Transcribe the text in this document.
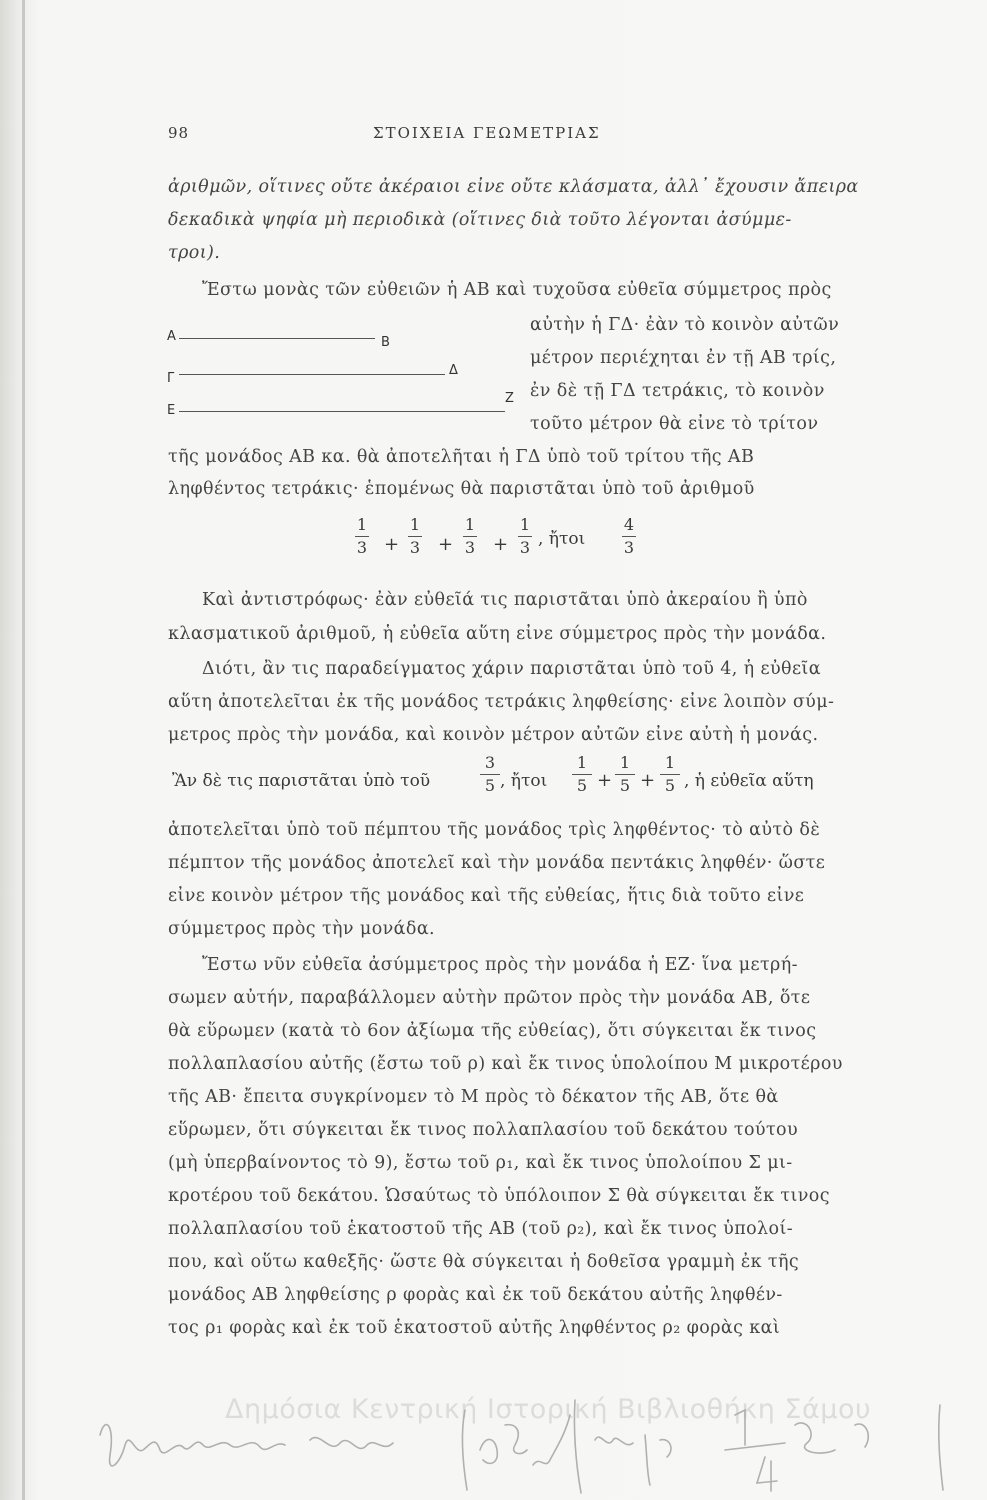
98	ΣΤΟΙΧΕΙΑ ΓΕΩΜΕΤΡΙΑΣ
ἀριθμῶν, οἵτινες οὔτε ἀκέραιοι εἶνε οὔτε κλάσματα, ἀλλ᾽ ἔχουσιν ἄπειρα
δεκαδικὰ ψηφία μὴ περιοδικὰ (οἵτινες διὰ τοῦτο λέγονται ἀσύμμε-
τροι).
Ἔστω μονὰς τῶν εὐθειῶν ἡ ΑΒ καὶ τυχοῦσα εὐθεῖα σύμμετρος πρὸς
Α	Β
Γ
Δ
Ε
Ζ
αὐτὴν ἡ ΓΔ· ἐὰν τὸ κοινὸν αὐτῶν
μέτρον περιέχηται ἐν τῇ ΑΒ τρίς,
ἐν δὲ τῇ ΓΔ τετράκις, τὸ κοινὸν
τοῦτο μέτρον θὰ εἶνε τὸ τρίτον
τῆς μονάδος ΑΒ κα. θὰ ἀποτελῆται ἡ ΓΔ ὑπὸ τοῦ τρίτου τῆς ΑΒ
ληφθέντος τετράκις· ἑπομένως θὰ παριστᾶται ὑπὸ τοῦ ἀριθμοῦ
1
3 +
1
3 +
1
3 +
1
3 , ἤτοι
4
3
Καὶ ἀντιστρόφως· ἐὰν εὐθεῖά τις παριστᾶται ὑπὸ ἀκεραίου ἢ ὑπὸ
κλασματικοῦ ἀριθμοῦ, ἡ εὐθεῖα αὕτη εἶνε σύμμετρος πρὸς τὴν μονάδα.
Διότι, ἂν τις παραδείγματος χάριν παριστᾶται ὑπὸ τοῦ 4, ἡ εὐθεῖα
αὕτη ἀποτελεῖται ἐκ τῆς μονάδος τετράκις ληφθείσης· εἶνε λοιπὸν σύμ-
μετρος πρὸς τὴν μονάδα, καὶ κοινὸν μέτρον αὐτῶν εἶνε αὐτὴ ἡ μονάς.
Ἂν δὲ τις παριστᾶται ὑπὸ τοῦ
3
5 , ἤτοι
1
5 +
1
5 +
1
5 , ἡ εὐθεῖα αὕτη
ἀποτελεῖται ὑπὸ τοῦ πέμπτου τῆς μονάδος τρὶς ληφθέντος· τὸ αὐτὸ δὲ
πέμπτον τῆς μονάδος ἀποτελεῖ καὶ τὴν μονάδα πεντάκις ληφθέν· ὥστε
εἶνε κοινὸν μέτρον τῆς μονάδος καὶ τῆς εὐθείας, ἥτις διὰ τοῦτο εἶνε
σύμμετρος πρὸς τὴν μονάδα.
Ἔστω νῦν εὐθεῖα ἀσύμμετρος πρὸς τὴν μονάδα ἡ ΕΖ· ἵνα μετρή-
σωμεν αὐτήν, παραβάλλομεν αὐτὴν πρῶτον πρὸς τὴν μονάδα ΑΒ, ὅτε
θὰ εὕρωμεν (κατὰ τὸ 6ον ἀξίωμα τῆς εὐθείας), ὅτι σύγκειται ἔκ τινος
πολλαπλασίου αὐτῆς (ἔστω τοῦ ρ) καὶ ἔκ τινος ὑπολοίπου Μ μικροτέρου
τῆς ΑΒ· ἔπειτα συγκρίνομεν τὸ Μ πρὸς τὸ δέκατον τῆς ΑΒ, ὅτε θὰ
εὕρωμεν, ὅτι σύγκειται ἔκ τινος πολλαπλασίου τοῦ δεκάτου τούτου
(μὴ ὑπερβαίνοντος τὸ 9), ἔστω τοῦ ρ₁, καὶ ἔκ τινος ὑπολοίπου Σ μι-
κροτέρου τοῦ δεκάτου. Ὡσαύτως τὸ ὑπόλοιπον Σ θὰ σύγκειται ἔκ τινος
πολλαπλασίου τοῦ ἑκατοστοῦ τῆς ΑΒ (τοῦ ρ₂), καὶ ἔκ τινος ὑπολοί-
που, καὶ οὕτω καθεξῆς· ὥστε θὰ σύγκειται ἡ δοθεῖσα γραμμὴ ἐκ τῆς
μονάδος ΑΒ ληφθείσης ρ φορὰς καὶ ἐκ τοῦ δεκάτου αὐτῆς ληφθέν-
τος ρ₁ φορὰς καὶ ἐκ τοῦ ἑκατοστοῦ αὐτῆς ληφθέντος ρ₂ φορὰς καὶ
Δημόσια Κεντρική Ιστορική Βιβλιοθήκη Σάμου
